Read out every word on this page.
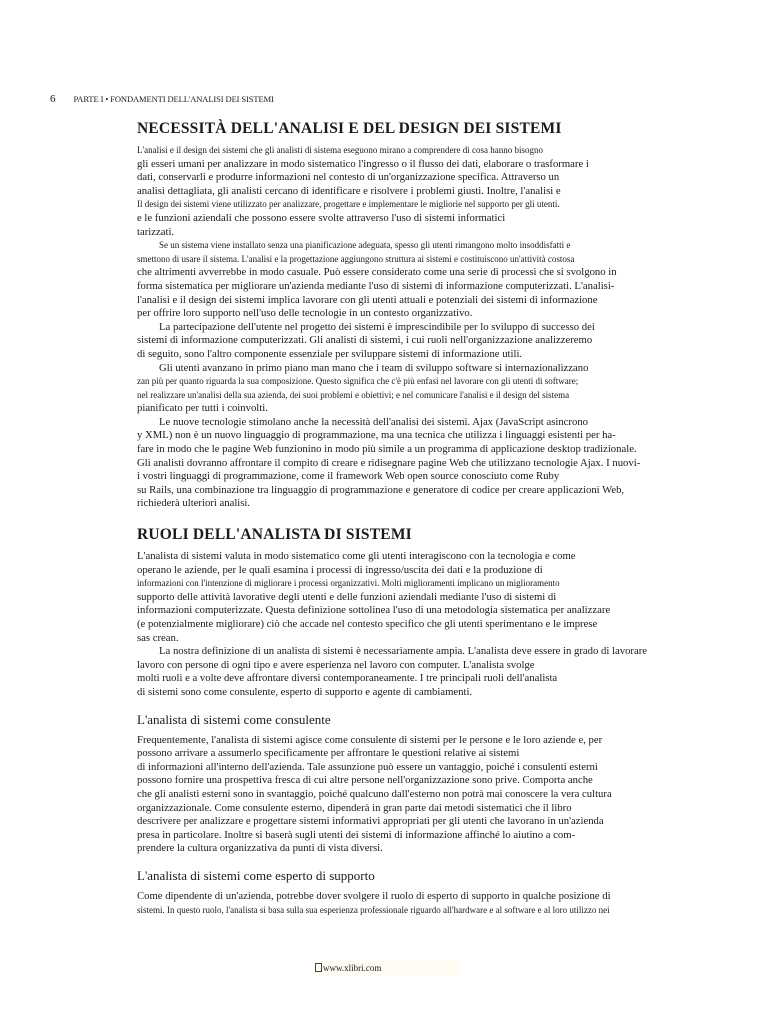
6 PARTE I • FONDAMENTI DELL'ANALISI DEI SISTEMI
NECESSITÀ DELL'ANALISI E DEL DESIGN DEI SISTEMI

L'analisi e il design dei sistemi che gli analisti di sistema eseguono mirano a comprendere di cosa hanno bisogno

gli esseri umani per analizzare in modo sistematico l'ingresso o il flusso dei dati, elaborare o trasformare i

dati, conservarli e produrre informazioni nel contesto di un'organizzazione specifica. Attraverso un

analisi dettagliata, gli analisti cercano di identificare e risolvere i problemi giusti. Inoltre, l'analisi e

Il design dei sistemi viene utilizzato per analizzare, progettare e implementare le migliorie nel supporto per gli utenti.

e le funzioni aziendali che possono essere svolte attraverso l'uso di sistemi informatici

tarizzati.

Se un sistema viene installato senza una pianificazione adeguata, spesso gli utenti rimangono molto insoddisfatti e

smettono di usare il sistema. L'analisi e la progettazione aggiungono struttura ai sistemi e costituiscono un'attività costosa

che altrimenti avverrebbe in modo casuale. Può essere considerato come una serie di processi che si svolgono in

forma sistematica per migliorare un'azienda mediante l'uso di sistemi di informazione computerizzati. L'analisi-

l'analisi e il design dei sistemi implica lavorare con gli utenti attuali e potenziali dei sistemi di informazione

per offrire loro supporto nell'uso delle tecnologie in un contesto organizzativo.

La partecipazione dell'utente nel progetto dei sistemi è imprescindibile per lo sviluppo di successo dei

sistemi di informazione computerizzati. Gli analisti di sistemi, i cui ruoli nell'organizzazione analizzeremo

di seguito, sono l'altro componente essenziale per sviluppare sistemi di informazione utili.

Gli utenti avanzano in primo piano man mano che i team di sviluppo software si internazionalizzano

zan più per quanto riguarda la sua composizione. Questo significa che c'è più enfasi nel lavorare con gli utenti di software;

nel realizzare un'analisi della sua azienda, dei suoi problemi e obiettivi; e nel comunicare l'analisi e il design del sistema

pianificato per tutti i coinvolti.

Le nuove tecnologie stimolano anche la necessità dell'analisi dei sistemi. Ajax (JavaScript asincrono

y XML) non è un nuovo linguaggio di programmazione, ma una tecnica che utilizza i linguaggi esistenti per ha-

fare in modo che le pagine Web funzionino in modo più simile a un programma di applicazione desktop tradizionale.

Gli analisti dovranno affrontare il compito di creare e ridisegnare pagine Web che utilizzano tecnologie Ajax. I nuovi-

i vostri linguaggi di programmazione, come il framework Web open source conosciuto come Ruby

su Rails, una combinazione tra linguaggio di programmazione e generatore di codice per creare applicazioni Web,

richiederà ulteriori analisi.

RUOLI DELL'ANALISTA DI SISTEMI

L'analista di sistemi valuta in modo sistematico come gli utenti interagiscono con la tecnologia e come

operano le aziende, per le quali esamina i processi di ingresso/uscita dei dati e la produzione di

informazioni con l'intenzione di migliorare i processi organizzativi. Molti miglioramenti implicano un miglioramento

supporto delle attività lavorative degli utenti e delle funzioni aziendali mediante l'uso di sistemi di

informazioni computerizzate. Questa definizione sottolinea l'uso di una metodologia sistematica per analizzare

(e potenzialmente migliorare) ciò che accade nel contesto specifico che gli utenti sperimentano e le imprese

sas crean.

La nostra definizione di un analista di sistemi è necessariamente ampia. L'analista deve essere in grado di lavorare

lavoro con persone di ogni tipo e avere esperienza nel lavoro con computer. L'analista svolge

molti ruoli e a volte deve affrontare diversi contemporaneamente. I tre principali ruoli dell'analista

di sistemi sono come consulente, esperto di supporto e agente di cambiamenti.

L'analista di sistemi come consulente

Frequentemente, l'analista di sistemi agisce come consulente di sistemi per le persone e le loro aziende e, per

possono arrivare a assumerlo specificamente per affrontare le questioni relative ai sistemi

di informazioni all'interno dell'azienda. Tale assunzione può essere un vantaggio, poiché i consulenti esterni

possono fornire una prospettiva fresca di cui altre persone nell'organizzazione sono prive. Comporta anche

che gli analisti esterni sono in svantaggio, poiché qualcuno dall'esterno non potrà mai conoscere la vera cultura

organizzazionale. Come consulente esterno, dipenderà in gran parte dai metodi sistematici che il libro

descrivere per analizzare e progettare sistemi informativi appropriati per gli utenti che lavorano in un'azienda

presa in particolare. Inoltre si baserà sugli utenti dei sistemi di informazione affinché lo aiutino a com-

prendere la cultura organizzativa da punti di vista diversi.

L'analista di sistemi come esperto di supporto

Come dipendente di un'azienda, potrebbe dover svolgere il ruolo di esperto di supporto in qualche posizione di

sistemi. In questo ruolo, l'analista si basa sulla sua esperienza professionale riguardo all'hardware e al software e al loro utilizzo nei

www.xlibri.com
